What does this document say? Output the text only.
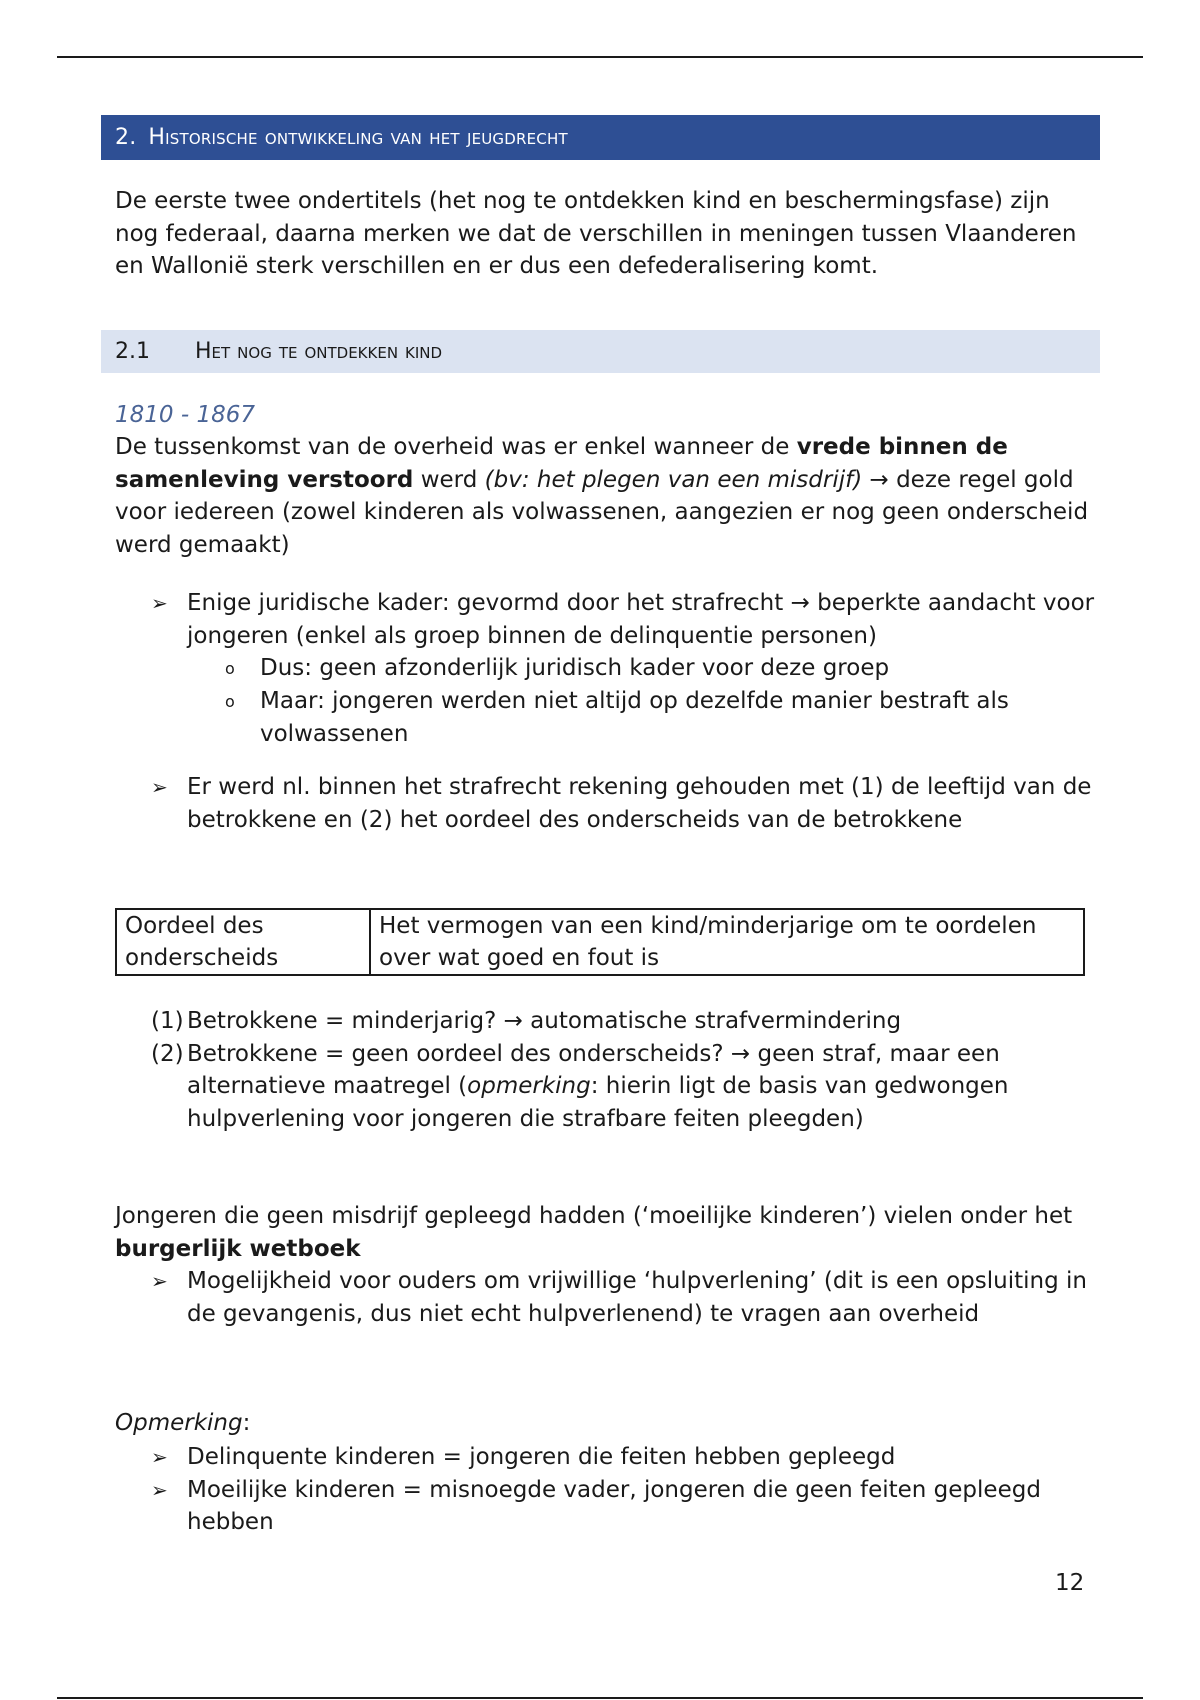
2. Historische ontwikkeling van het jeugdrecht
De eerste twee ondertitels (het nog te ontdekken kind en beschermingsfase) zijn nog federaal, daarna merken we dat de verschillen in meningen tussen Vlaanderen en Wallonië sterk verschillen en er dus een defederalisering komt.
2.1	Het nog te ontdekken kind
1810 - 1867
De tussenkomst van de overheid was er enkel wanneer de vrede binnen de samenleving verstoord werd (bv: het plegen van een misdrijf) → deze regel gold voor iedereen (zowel kinderen als volwassenen, aangezien er nog geen onderscheid werd gemaakt)
➢ Enige juridische kader: gevormd door het strafrecht → beperkte aandacht voor jongeren (enkel als groep binnen de delinquentie personen)
o Dus: geen afzonderlijk juridisch kader voor deze groep
o Maar: jongeren werden niet altijd op dezelfde manier bestraft als volwassenen
➢ Er werd nl. binnen het strafrecht rekening gehouden met (1) de leeftijd van de betrokkene en (2) het oordeel des onderscheids van de betrokkene
Oordeel des onderscheids	Het vermogen van een kind/minderjarige om te oordelen over wat goed en fout is
(1) Betrokkene = minderjarig? → automatische strafvermindering
(2) Betrokkene = geen oordeel des onderscheids? → geen straf, maar een alternatieve maatregel (opmerking: hierin ligt de basis van gedwongen hulpverlening voor jongeren die strafbare feiten pleegden)
Jongeren die geen misdrijf gepleegd hadden (‘moeilijke kinderen’) vielen onder het burgerlijk wetboek
➢ Mogelijkheid voor ouders om vrijwillige ‘hulpverlening’ (dit is een opsluiting in de gevangenis, dus niet echt hulpverlenend) te vragen aan overheid
Opmerking:
➢ Delinquente kinderen = jongeren die feiten hebben gepleegd
➢ Moeilijke kinderen = misnoegde vader, jongeren die geen feiten gepleegd hebben
12
